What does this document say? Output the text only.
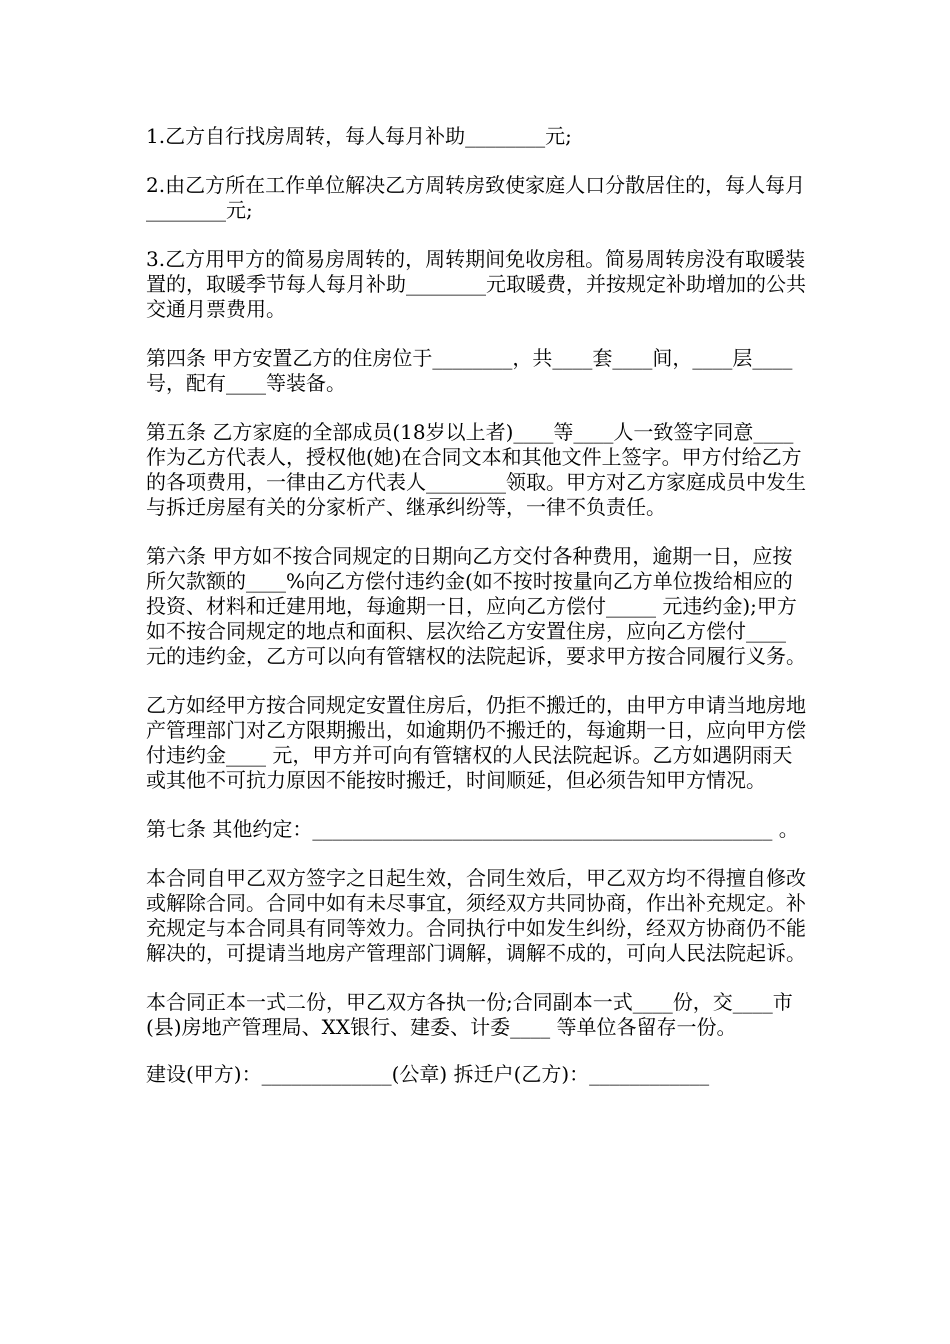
1.乙方自行找房周转，每人每月补助________元;

2.由乙方所在工作单位解决乙方周转房致使家庭人口分散居住的，每人每月________元;

3.乙方用甲方的简易房周转的，周转期间免收房租。简易周转房没有取暖装置的，取暖季节每人每月补助________元取暖费，并按规定补助增加的公共交通月票费用。

第四条 甲方安置乙方的住房位于________，共____套____间，____层____号，配有____等装备。

第五条 乙方家庭的全部成员(18岁以上者)____等____人一致签字同意____作为乙方代表人，授权他(她)在合同文本和其他文件上签字。甲方付给乙方的各项费用，一律由乙方代表人________领取。甲方对乙方家庭成员中发生与拆迁房屋有关的分家析产、继承纠纷等，一律不负责任。

第六条 甲方如不按合同规定的日期向乙方交付各种费用，逾期一日，应按所欠款额的____%向乙方偿付违约金(如不按时按量向乙方单位拨给相应的投资、材料和迁建用地，每逾期一日，应向乙方偿付_____ 元违约金);甲方如不按合同规定的地点和面积、层次给乙方安置住房，应向乙方偿付____ 元的违约金，乙方可以向有管辖权的法院起诉，要求甲方按合同履行义务。

乙方如经甲方按合同规定安置住房后，仍拒不搬迁的，由甲方申请当地房地产管理部门对乙方限期搬出，如逾期仍不搬迁的，每逾期一日，应向甲方偿付违约金____ 元，甲方并可向有管辖权的人民法院起诉。乙方如遇阴雨天或其他不可抗力原因不能按时搬迁，时间顺延，但必须告知甲方情况。

第七条 其他约定：______________________________________________ 。

本合同自甲乙双方签字之日起生效，合同生效后，甲乙双方均不得擅自修改或解除合同。合同中如有未尽事宜，须经双方共同协商，作出补充规定。补充规定与本合同具有同等效力。合同执行中如发生纠纷，经双方协商仍不能解决的，可提请当地房产管理部门调解，调解不成的，可向人民法院起诉。

本合同正本一式二份，甲乙双方各执一份;合同副本一式____份，交____市(县)房地产管理局、XX银行、建委、计委____ 等单位各留存一份。

建设(甲方)：_____________(公章) 拆迁户(乙方)：____________
